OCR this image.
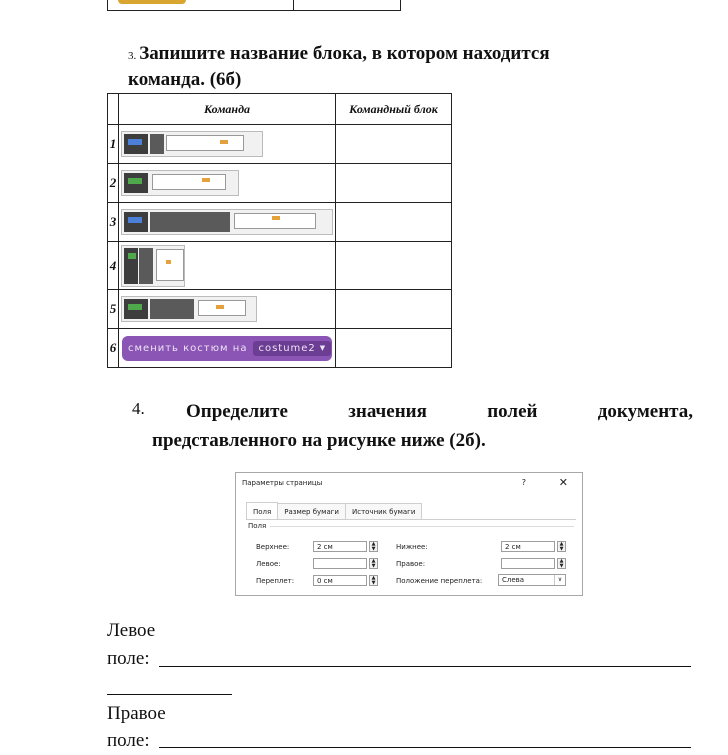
3. Запишите название блока, в котором находится
команда. (6б)
	Команда	Командный блок
1	

2	

3	

4	

5	

6	сменить
костюм
на costume2 ▼	

4. Определите	значения	полей	документа,
представленного на рисунке ниже (2б).
Параметры страницы	?	✕
Поля	Размер бумаги	Источник бумаги
Поля
Верхнее:	2 см	▲
▼
Левое:	▲
▼
Переплет:	0 см	▲
▼
Нижнее:	2 см	▲
▼
Правое:	▲
▼
Положение переплета:	Слева	∨
Левое
поле:
Правое
поле:
